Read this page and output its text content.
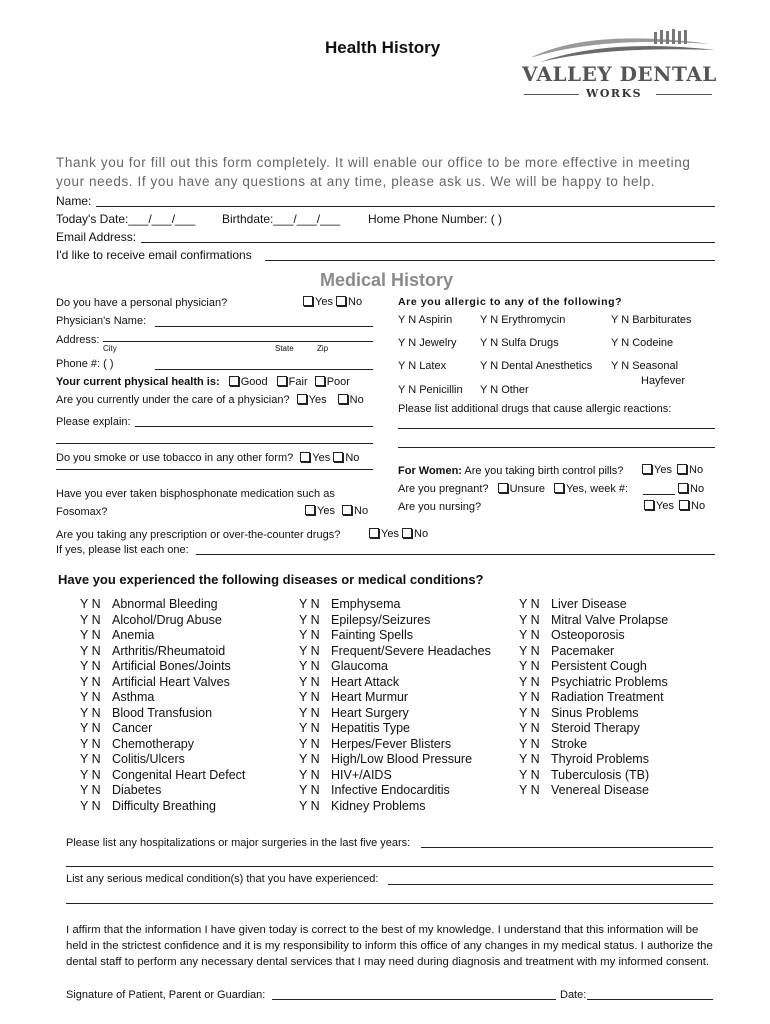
Health History
VALLEY DENTAL
WORKS
Thank you for fill out this form completely. It will enable our office to be more effective in meeting your needs. If you have any questions at any time, please ask us. We will be happy to help.
Name:
Today's Date:___/___/___ Birthdate:___/___/___ Home Phone Number: ( )
Email Address:
I'd like to receive email confirmations
Medical History
Do you have a personal physician?	Yes No
Physician's Name:
Address:
City	State	Zip
Phone #: ( )
Your current physical health is: Good Fair Poor
Are you currently under the care of a physician? Yes No
Please explain:
Do you smoke or use tobacco in any other form? Yes No
Have you ever taken bisphosphonate medication such as
Fosomax?	Yes No
Are you taking any prescription or over-the-counter drugs?	Yes No
If yes, please list each one:
Are you allergic to any of the following?
Y N Aspirin	Y N Erythromycin	Y N Barbiturates
Y N Jewelry Y N Sulfa Drugs	Y N Codeine
Y N Latex	Y N Dental Anesthetics Y N Seasonal
Hayfever
Y N Penicillin Y N Other
Please list additional drugs that cause allergic reactions:
For Women: Are you taking birth control pills?	Yes No
Are you pregnant? Unsure Yes, week #:	No
Are you nursing?	Yes No
Have you experienced the following diseases or medical conditions?
Y N Abnormal Bleeding
Y N Alcohol/Drug Abuse
Y N Anemia
Y N Arthritis/Rheumatoid
Y N Artificial Bones/Joints
Y N Artificial Heart Valves
Y N Asthma
Y N Blood Transfusion
Y N Cancer
Y N Chemotherapy
Y N Colitis/Ulcers
Y N Congenital Heart Defect
Y N Diabetes
Y N Difficulty Breathing
Y N Emphysema
Y N Epilepsy/Seizures
Y N Fainting Spells
Y N Frequent/Severe Headaches
Y N Glaucoma
Y N Heart Attack
Y N Heart Murmur
Y N Heart Surgery
Y N Hepatitis Type
Y N Herpes/Fever Blisters
Y N High/Low Blood Pressure
Y N HIV+/AIDS
Y N Infective Endocarditis
Y N Kidney Problems
Y N Liver Disease
Y N Mitral Valve Prolapse
Y N Osteoporosis
Y N Pacemaker
Y N Persistent Cough
Y N Psychiatric Problems
Y N Radiation Treatment
Y N Sinus Problems
Y N Steroid Therapy
Y N Stroke
Y N Thyroid Problems
Y N Tuberculosis (TB)
Y N Venereal Disease
Please list any hospitalizations or major surgeries in the last five years:
List any serious medical condition(s) that you have experienced:
I affirm that the information I have given today is correct to the best of my knowledge. I understand that this information will be held in the strictest confidence and it is my responsibility to inform this office of any changes in my medical status. I authorize the dental staff to perform any necessary dental services that I may need during diagnosis and treatment with my informed consent.
Signature of Patient, Parent or Guardian:	Date:
